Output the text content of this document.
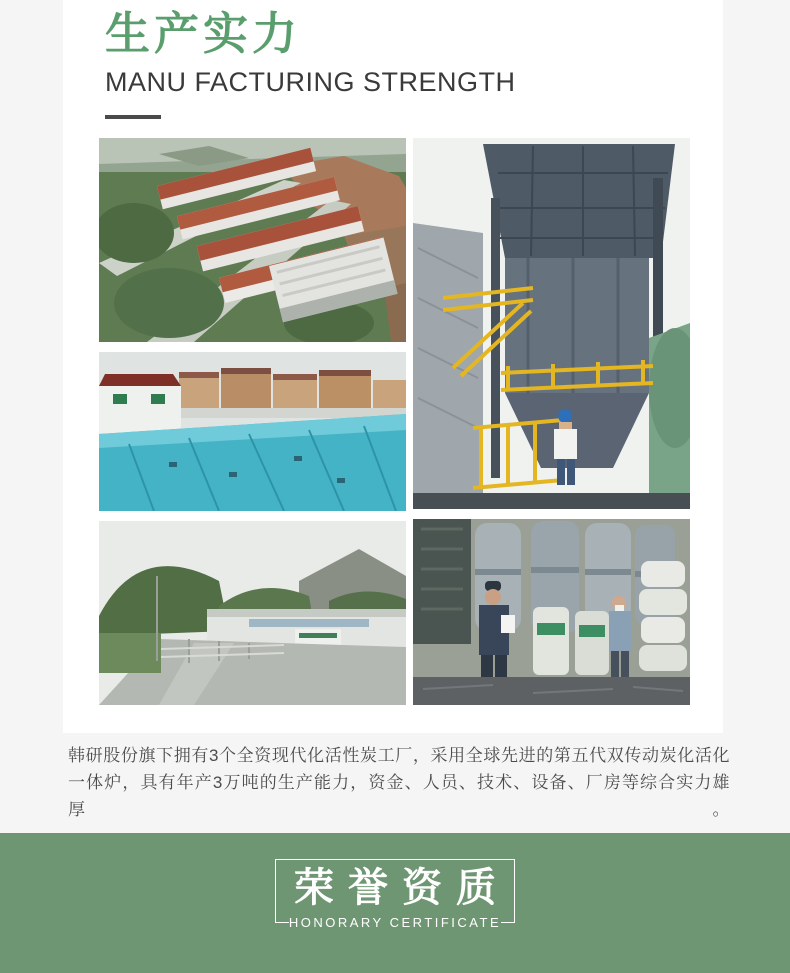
生产实力
MANU FACTURING STRENGTH
韩研股份旗下拥有3个全资现代化活性炭工厂，采用全球先进的第五代双传动炭化活化
一体炉，具有年产3万吨的生产能力，资金、人员、技术、设备、厂房等综合实力雄厚。
荣誉资质
HONORARY CERTIFICATE
